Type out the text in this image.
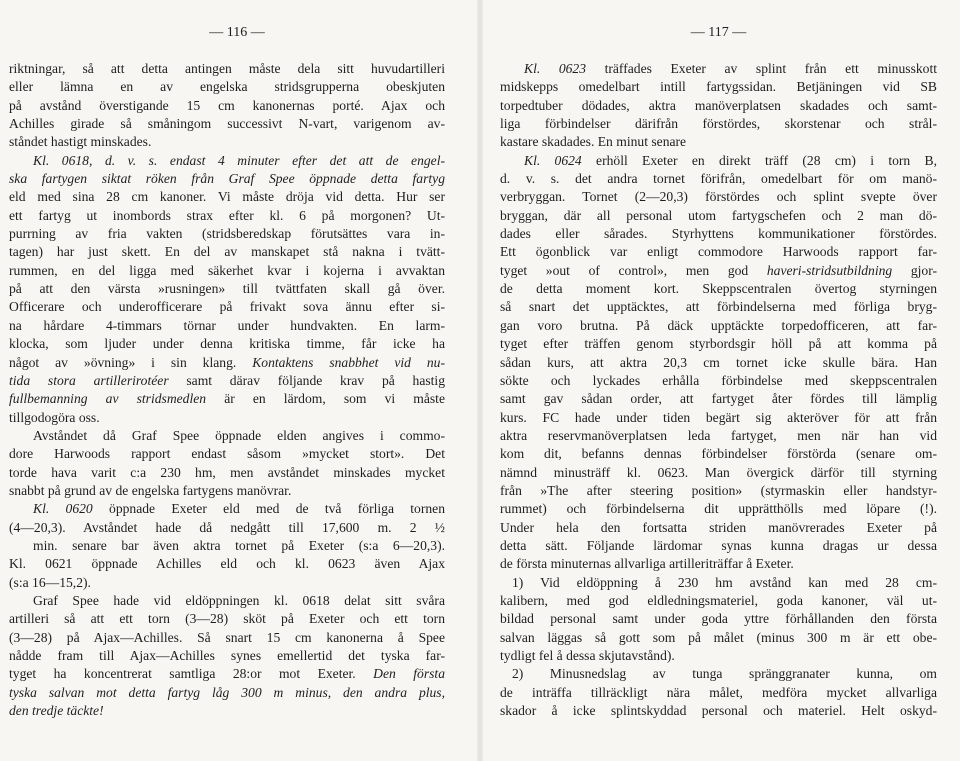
— 116 —
riktningar, så att detta antingen måste dela sitt huvudartilleri
eller lämna en av engelska stridsgrupperna obeskjuten
på avstånd överstigande 15 cm kanonernas porté. Ajax och
Achilles girade så småningom successivt N-vart, varigenom av-
ståndet hastigt minskades.
Kl. 0618, d. v. s. endast 4 minuter efter det att de engel-
ska fartygen siktat röken från Graf Spee öppnade detta fartyg
eld med sina 28 cm kanoner. Vi måste dröja vid detta. Hur ser
ett fartyg ut inombords strax efter kl. 6 på morgonen? Ut-
purrning av fria vakten (stridsberedskap förutsättes vara in-
tagen) har just skett. En del av manskapet stå nakna i tvätt-
rummen, en del ligga med säkerhet kvar i kojerna i avvaktan
på att den värsta »rusningen» till tvättfaten skall gå över.
Officerare och underofficerare på frivakt sova ännu efter si-
na hårdare 4-timmars törnar under hundvakten. En larm-
klocka, som ljuder under denna kritiska timme, får icke ha
något av »övning» i sin klang. Kontaktens snabbhet vid nu-
tida stora artillerirotéer samt därav följande krav på hastig
fullbemanning av stridsmedlen är en lärdom, som vi måste
tillgodogöra oss.
Avståndet då Graf Spee öppnade elden angives i commo-
dore Harwoods rapport endast såsom »mycket stort». Det
torde hava varit c:a 230 hm, men avståndet minskades mycket
snabbt på grund av de engelska fartygens manövrar.
Kl. 0620 öppnade Exeter eld med de två förliga tornen
(4—20,3). Avståndet hade då nedgått till 17,600 m. 2 ½
min. senare bar även aktra tornet på Exeter (s:a 6—20,3).
Kl. 0621 öppnade Achilles eld och kl. 0623 även Ajax
(s:a 16—15,2).
Graf Spee hade vid eldöppningen kl. 0618 delat sitt svåra
artilleri så att ett torn (3—28) sköt på Exeter och ett torn
(3—28) på Ajax—Achilles. Så snart 15 cm kanonerna å Spee
nådde fram till Ajax—Achilles synes emellertid det tyska far-
tyget ha koncentrerat samtliga 28:or mot Exeter. Den första
tyska salvan mot detta fartyg låg 300 m minus, den andra plus,
den tredje täckte!
— 117 —
Kl. 0623 träffades Exeter av splint från ett minusskott
midskepps omedelbart intill fartygssidan. Betjäningen vid SB
torpedtuber dödades, aktra manöverplatsen skadades och samt-
liga förbindelser därifrån förstördes, skorstenar och strål-
kastare skadades. En minut senare
Kl. 0624 erhöll Exeter en direkt träff (28 cm) i torn B,
d. v. s. det andra tornet förifrån, omedelbart för om manö-
verbryggan. Tornet (2—20,3) förstördes och splint svepte över
bryggan, där all personal utom fartygschefen och 2 man dö-
dades eller sårades. Styrhyttens kommunikationer förstördes.
Ett ögonblick var enligt commodore Harwoods rapport far-
tyget »out of control», men god haveri-stridsutbildning gjor-
de detta moment kort. Skeppscentralen övertog styrningen
så snart det upptäcktes, att förbindelserna med förliga bryg-
gan voro brutna. På däck upptäckte torpedofficeren, att far-
tyget efter träffen genom styrbordsgir höll på att komma på
sådan kurs, att aktra 20,3 cm tornet icke skulle bära. Han
sökte och lyckades erhålla förbindelse med skeppscentralen
samt gav sådan order, att fartyget åter fördes till lämplig
kurs. FC hade under tiden begärt sig akteröver för att från
aktra reservmanöverplatsen leda fartyget, men när han vid
kom dit, befanns dennas förbindelser förstörda (senare om-
nämnd minusträff kl. 0623. Man övergick därför till styrning
från »The after steering position» (styrmaskin eller handstyr-
rummet) och förbindelserna dit upprätthölls med löpare (!).
Under hela den fortsatta striden manövrerades Exeter på
detta sätt. Följande lärdomar synas kunna dragas ur dessa
de första minuternas allvarliga artilleriträffar å Exeter.
1) Vid eldöppning å 230 hm avstånd kan med 28 cm-
kalibern, med god eldledningsmateriel, goda kanoner, väl ut-
bildad personal samt under goda yttre förhållanden den första
salvan läggas så gott som på målet (minus 300 m är ett obe-
tydligt fel å dessa skjutavstånd).
2) Minusnedslag av tunga spränggranater kunna, om
de inträffa tillräckligt nära målet, medföra mycket allvarliga
skador å icke splintskyddad personal och materiel. Helt oskyd-
